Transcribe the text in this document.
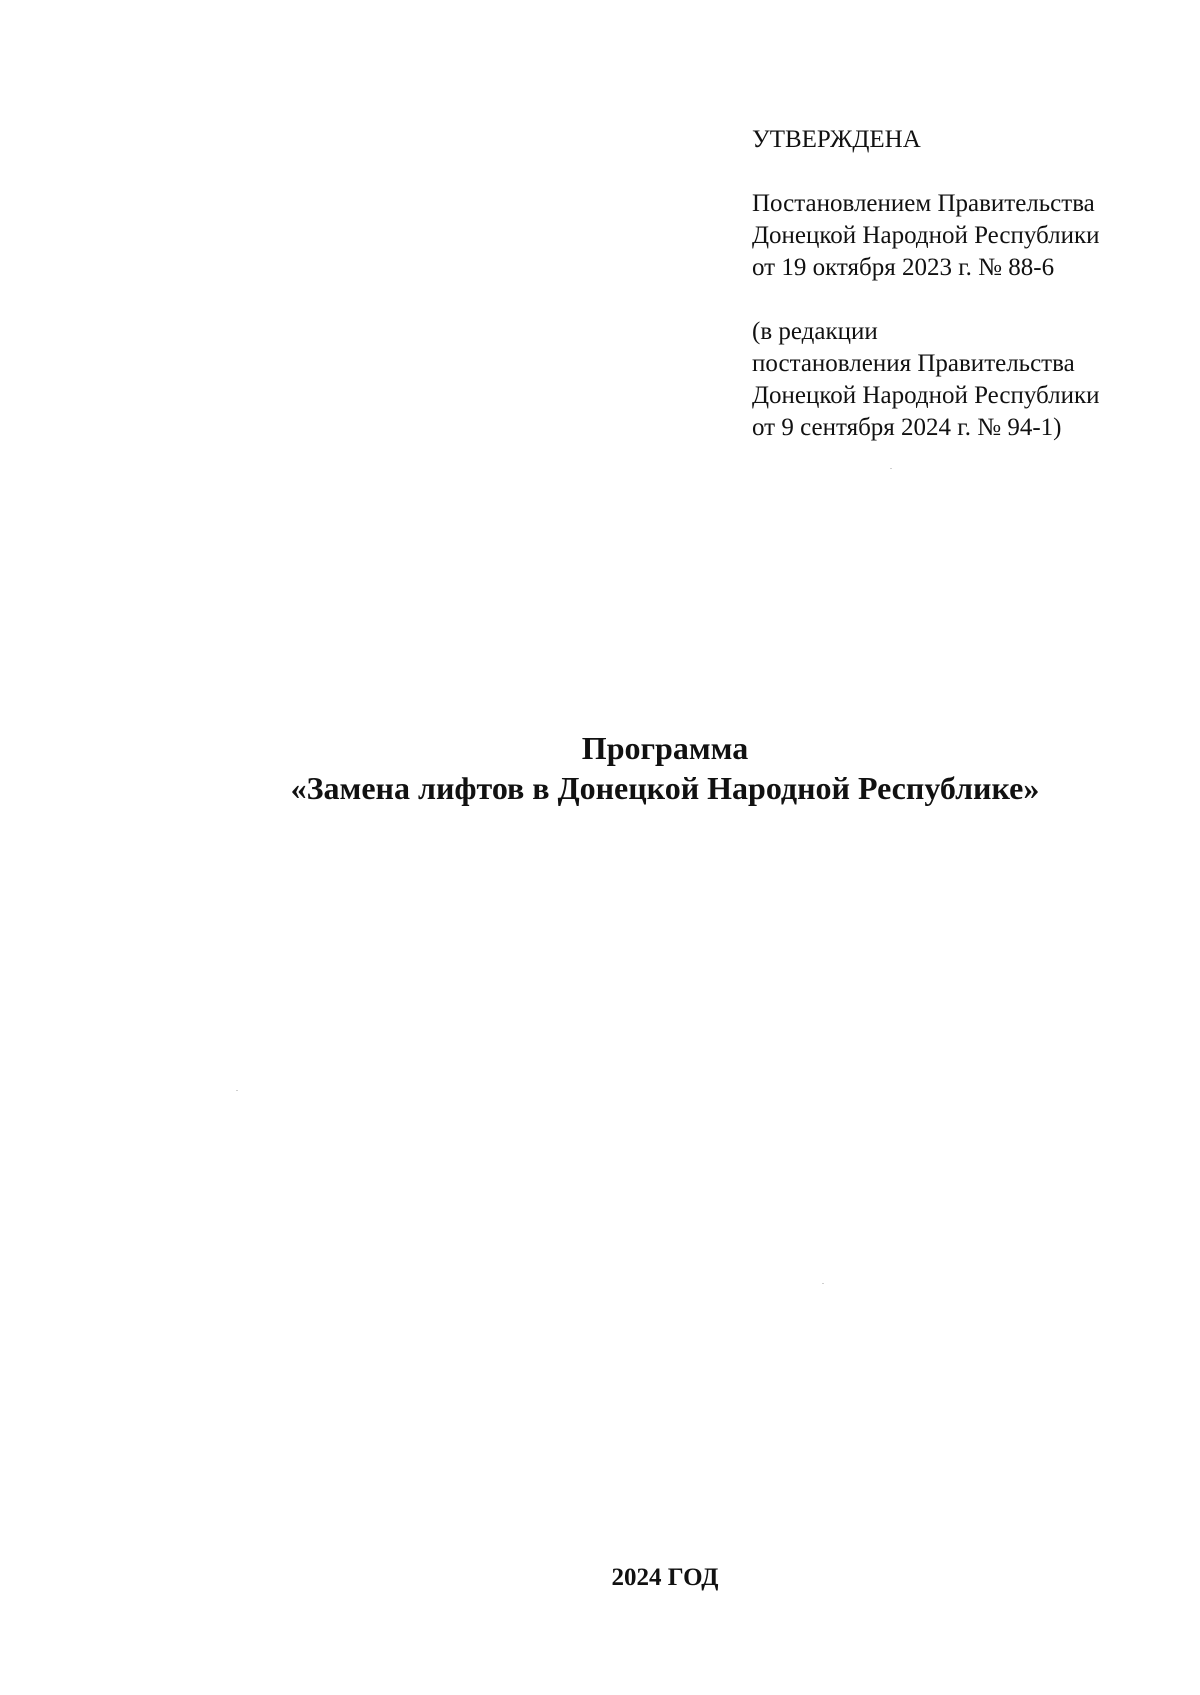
УТВЕРЖДЕНА
Постановлением Правительства
Донецкой Народной Республики
от 19 октября 2023 г. № 88-6
(в редакции
постановления Правительства
Донецкой Народной Республики
от 9 сентября 2024 г. № 94-1)
Программа
«Замена лифтов в Донецкой Народной Республике»
2024 ГОД
